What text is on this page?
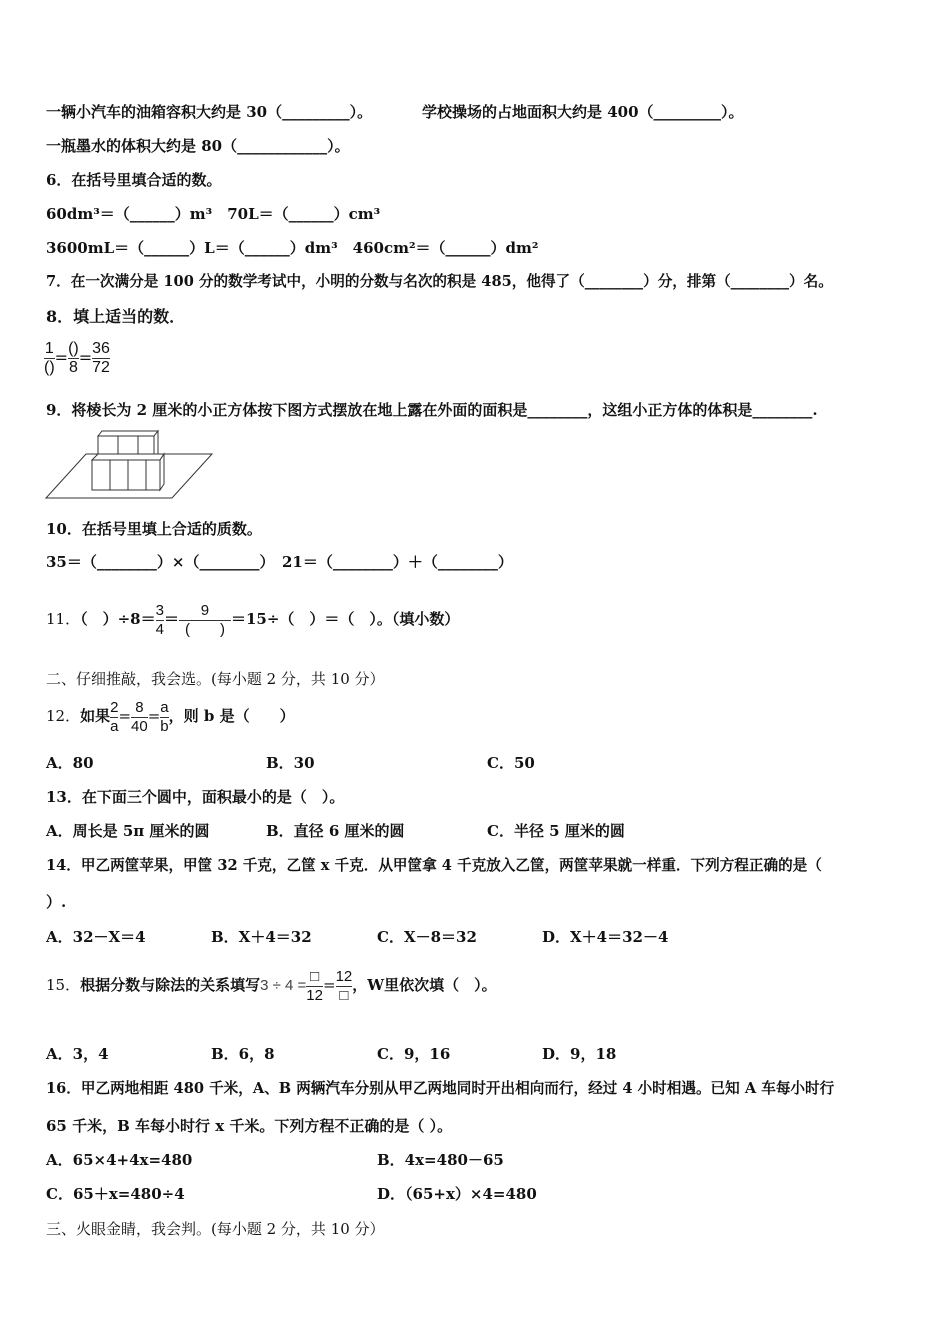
一辆小汽车的油箱容积大约是 30（_________）。	学校操场的占地面积大约是 400（_________）。
一瓶墨水的体积大约是 80（____________）。
6．在括号里填合适的数。
60dm³＝（______）m³　70L＝（______）cm³
3600mL＝（______）L＝（______）dm³　460cm²＝（______）dm²
7．在一次满分是 100 分的数学考试中，小明的分数与名次的积是 485，他得了（________）分，排第（________）名。
8．填上适当的数．
$\frac{1}{()} = \frac{()}{8} = \frac{36}{72}$
9．将棱长为 2 厘米的小正方体按下图方式摆放在地上露在外面的面积是________，这组小正方体的体积是________.
10．在括号里填上合适的质数。
35＝（________）×（________）　21＝（________）＋（________）
11．（　）$\div 8= \frac{3}{4} = \frac{9}{( )} =15\div$（　）＝（　）。（填小数）
二、仔细推敲，我会选。(每小题 2 分，共 10 分）
12．如果 $\frac{2}{a} = \frac{8}{40} = \frac{a}{b}$ ，则 b 是（　　）
A．80	B．30	C．50
13．在下面三个圆中，面积最小的是（　）。
A．周长是 5π 厘米的圆	B．直径 6 厘米的圆	C．半径 5 厘米的圆
14．甲乙两筐苹果，甲筐 32 千克，乙筐 x 千克．从甲筐拿 4 千克放入乙筐，两筐苹果就一样重．下列方程正确的是（
）.
A．32－X＝4	B．X＋4＝32	C．X－8＝32	D．X＋4＝32－4
15．根据分数与除法的关系填写$3 \div 4 = \frac{□}{12} = \frac{12}{□}$ ，W里依次填（　）。
A．3，4	B．6，8	C．9，16	D．9，18
16．甲乙两地相距 480 千米，A、B 两辆汽车分别从甲乙两地同时开出相向而行，经过 4 小时相遇。已知 A 车每小时行
65 千米，B 车每小时行 x 千米。下列方程不正确的是（ ）。
A．65×4+4x=480	B．4x=480－65
C．65＋x=480÷4	D．（65+x）×4=480
三、火眼金睛，我会判。(每小题 2 分，共 10 分）
